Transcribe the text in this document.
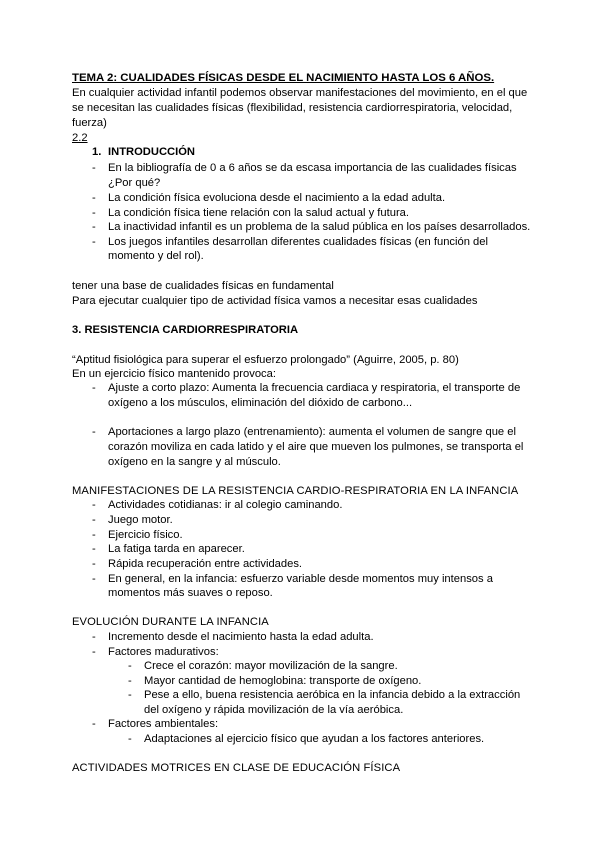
TEMA 2: CUALIDADES FÍSICAS DESDE EL NACIMIENTO HASTA LOS 6 AÑOS.
En cualquier actividad infantil podemos observar manifestaciones del movimiento, en el que
se necesitan las cualidades físicas (flexibilidad, resistencia cardiorrespiratoria, velocidad,
fuerza)
2.2
1. INTRODUCCIÓN
- En la bibliografía de 0 a 6 años se da escasa importancia de las cualidades físicas
¿Por qué?
- La condición física evoluciona desde el nacimiento a la edad adulta.
- La condición física tiene relación con la salud actual y futura.
- La inactividad infantil es un problema de la salud pública en los países desarrollados.
- Los juegos infantiles desarrollan diferentes cualidades físicas (en función del
momento y del rol).
tener una base de cualidades físicas en fundamental
Para ejecutar cualquier tipo de actividad física vamos a necesitar esas cualidades
3. RESISTENCIA CARDIORRESPIRATORIA
“Aptitud fisiológica para superar el esfuerzo prolongado” (Aguirre, 2005, p. 80)
En un ejercicio físico mantenido provoca:
- Ajuste a corto plazo: Aumenta la frecuencia cardiaca y respiratoria, el transporte de
oxígeno a los músculos, eliminación del dióxido de carbono...
- Aportaciones a largo plazo (entrenamiento): aumenta el volumen de sangre que el
corazón moviliza en cada latido y el aire que mueven los pulmones, se transporta el
oxígeno en la sangre y al músculo.
MANIFESTACIONES DE LA RESISTENCIA CARDIO-RESPIRATORIA EN LA INFANCIA
- Actividades cotidianas: ir al colegio caminando.
- Juego motor.
- Ejercicio físico.
- La fatiga tarda en aparecer.
- Rápida recuperación entre actividades.
- En general, en la infancia: esfuerzo variable desde momentos muy intensos a
momentos más suaves o reposo.
EVOLUCIÓN DURANTE LA INFANCIA
- Incremento desde el nacimiento hasta la edad adulta.
- Factores madurativos:
- Crece el corazón: mayor movilización de la sangre.
- Mayor cantidad de hemoglobina: transporte de oxígeno.
- Pese a ello, buena resistencia aeróbica en la infancia debido a la extracción
del oxígeno y rápida movilización de la vía aeróbica.
- Factores ambientales:
- Adaptaciones al ejercicio físico que ayudan a los factores anteriores.
ACTIVIDADES MOTRICES EN CLASE DE EDUCACIÓN FÍSICA
